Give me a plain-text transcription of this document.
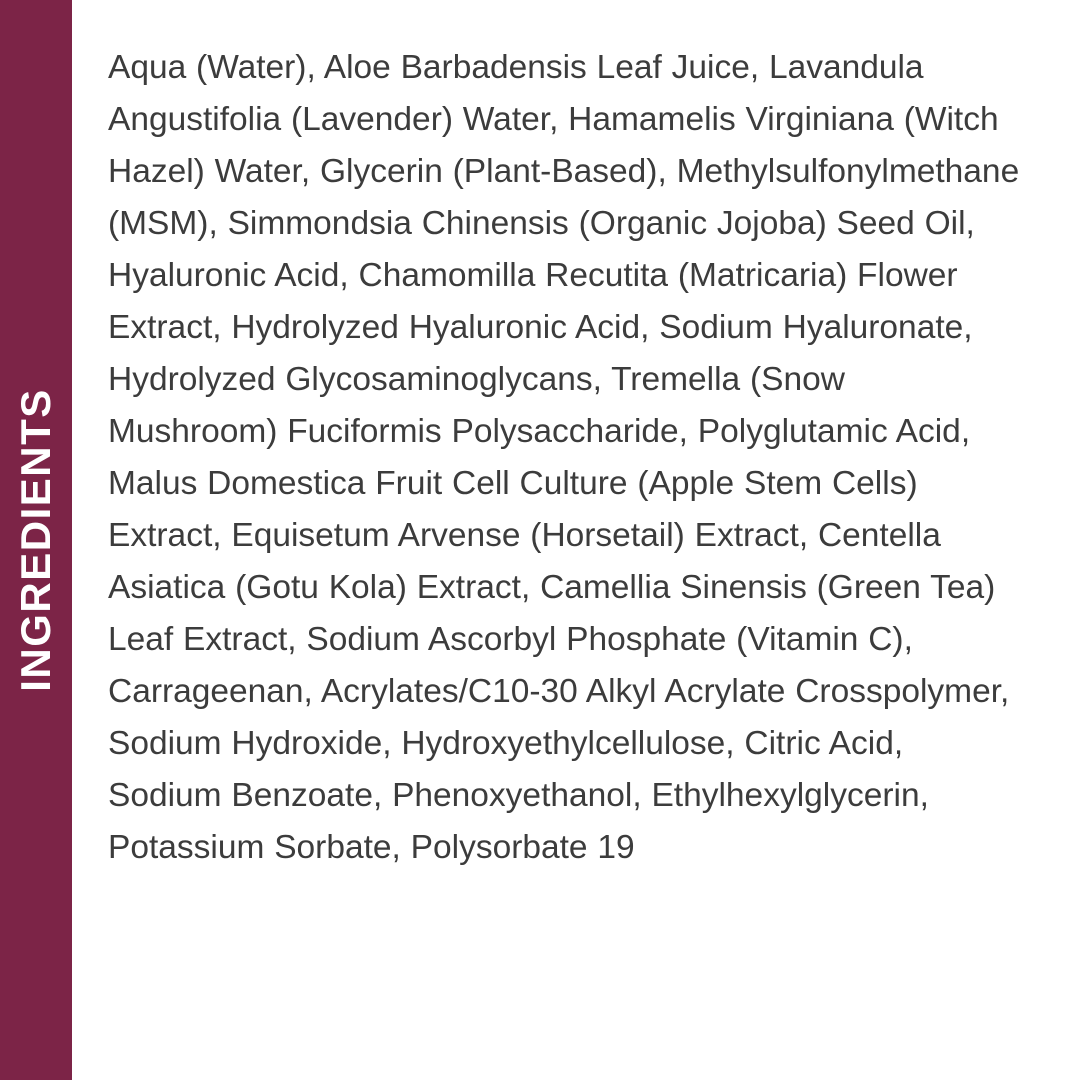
INGREDIENTS

Aqua (Water), Aloe Barbadensis Leaf Juice, Lavandula Angustifolia (Lavender) Water, Hamamelis Virginiana (Witch Hazel) Water, Glycerin (Plant-Based), Methylsulfonylmethane (MSM), Simmondsia Chinensis (Organic Jojoba) Seed Oil, Hyaluronic Acid, Chamomilla Recutita (Matricaria) Flower Extract, Hydrolyzed Hyaluronic Acid, Sodium Hyaluronate, Hydrolyzed Glycosaminoglycans, Tremella (Snow Mushroom) Fuciformis Polysaccharide, Polyglutamic Acid, Malus Domestica Fruit Cell Culture (Apple Stem Cells) Extract, Equisetum Arvense (Horsetail) Extract, Centella Asiatica (Gotu Kola) Extract, Camellia Sinensis (Green Tea) Leaf Extract, Sodium Ascorbyl Phosphate (Vitamin C), Carrageenan, Acrylates/C10-30 Alkyl Acrylate Crosspolymer, Sodium Hydroxide, Hydroxyethylcellulose, Citric Acid, Sodium Benzoate, Phenoxyethanol, Ethylhexylglycerin, Potassium Sorbate, Polysorbate 19
